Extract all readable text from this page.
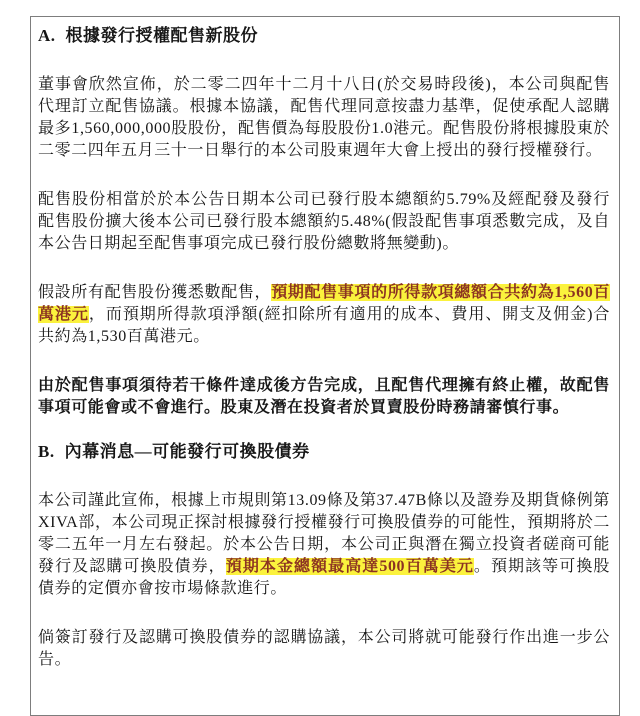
A. 根據發行授權配售新股份

董事會欣然宣佈，於二零二四年十二月十八日(於交易時段後)，本公司與配售代理訂立配售協議。根據本協議，配售代理同意按盡力基準，促使承配人認購最多1,560,000,000股股份，配售價為每股股份1.0港元。配售股份將根據股東於二零二四年五月三十一日舉行的本公司股東週年大會上授出的發行授權發行。

配售股份相當於於本公告日期本公司已發行股本總額約5.79%及經配發及發行配售股份擴大後本公司已發行股本總額約5.48%(假設配售事項悉數完成，及自本公告日期起至配售事項完成已發行股份總數將無變動)。

假設所有配售股份獲悉數配售，預期配售事項的所得款項總額合共約為1,560百萬港元，而預期所得款項淨額(經扣除所有適用的成本、費用、開支及佣金)合共約為1,530百萬港元。

由於配售事項須待若干條件達成後方告完成，且配售代理擁有終止權，故配售事項可能會或不會進行。股東及潛在投資者於買賣股份時務請審慎行事。

B. 內幕消息—可能發行可換股債券

本公司謹此宣佈，根據上市規則第13.09條及第37.47B條以及證券及期貨條例第XIVA部，本公司現正探討根據發行授權發行可換股債券的可能性，預期將於二零二五年一月左右發起。於本公告日期，本公司正與潛在獨立投資者磋商可能發行及認購可換股債券，預期本金總額最高達500百萬美元。預期該等可換股債券的定價亦會按市場條款進行。

倘簽訂發行及認購可換股債券的認購協議，本公司將就可能發行作出進一步公告。
